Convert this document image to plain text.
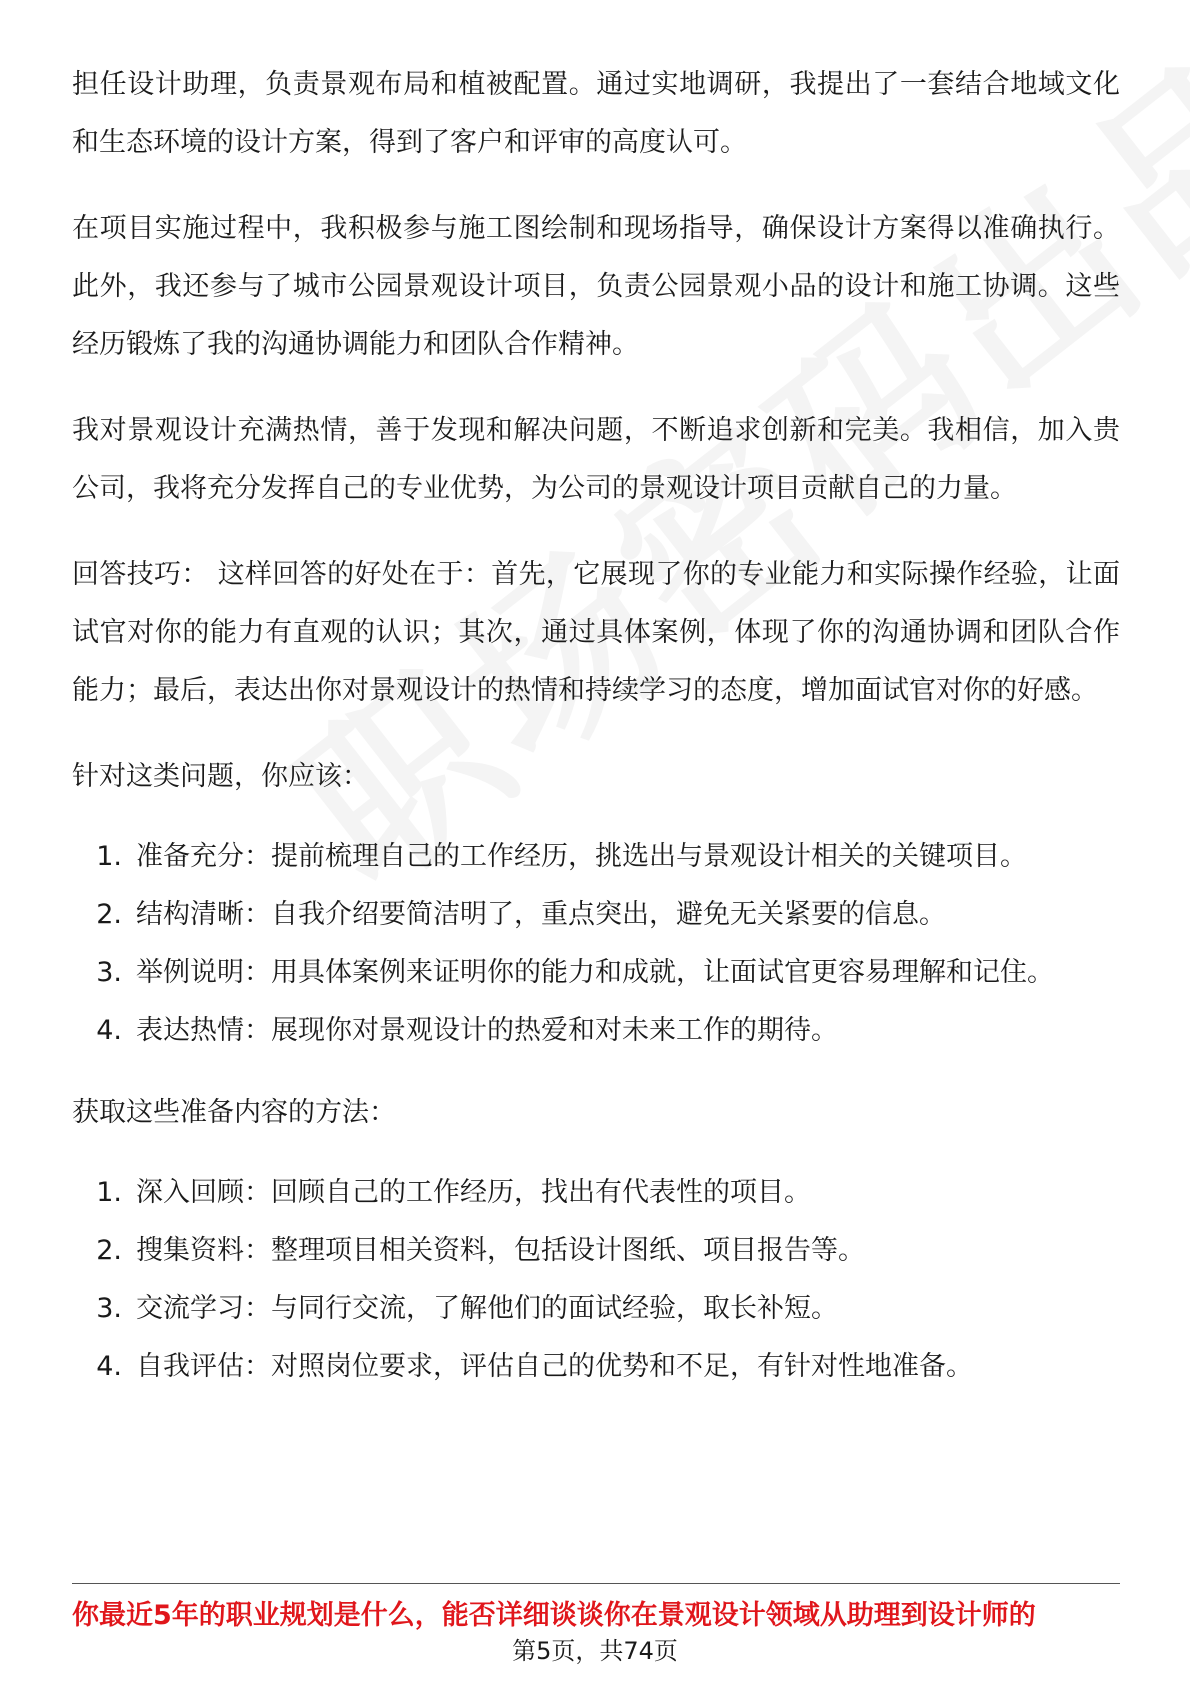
担任设计助理，负责景观布局和植被配置。通过实地调研，我提出了一套结合地域文化和生态环境的设计方案，得到了客户和评审的高度认可。

在项目实施过程中，我积极参与施工图绘制和现场指导，确保设计方案得以准确执行。此外，我还参与了城市公园景观设计项目，负责公园景观小品的设计和施工协调。这些经历锻炼了我的沟通协调能力和团队合作精神。

我对景观设计充满热情，善于发现和解决问题，不断追求创新和完美。我相信，加入贵公司，我将充分发挥自己的专业优势，为公司的景观设计项目贡献自己的力量。

回答技巧： 这样回答的好处在于：首先，它展现了你的专业能力和实际操作经验，让面试官对你的能力有直观的认识；其次，通过具体案例，体现了你的沟通协调和团队合作能力；最后，表达出你对景观设计的热情和持续学习的态度，增加面试官对你的好感。

针对这类问题，你应该：
1. 准备充分：提前梳理自己的工作经历，挑选出与景观设计相关的关键项目。
2. 结构清晰：自我介绍要简洁明了，重点突出，避免无关紧要的信息。
3. 举例说明：用具体案例来证明你的能力和成就，让面试官更容易理解和记住。
4. 表达热情：展现你对景观设计的热爱和对未来工作的期待。
获取这些准备内容的方法：
1. 深入回顾：回顾自己的工作经历，找出有代表性的项目。
2. 搜集资料：整理项目相关资料，包括设计图纸、项目报告等。
3. 交流学习：与同行交流，了解他们的面试经验，取长补短。
4. 自我评估：对照岗位要求，评估自己的优势和不足，有针对性地准备。
你最近5年的职业规划是什么，能否详细谈谈你在景观设计领域从助理到设计师的
第5页，共74页
